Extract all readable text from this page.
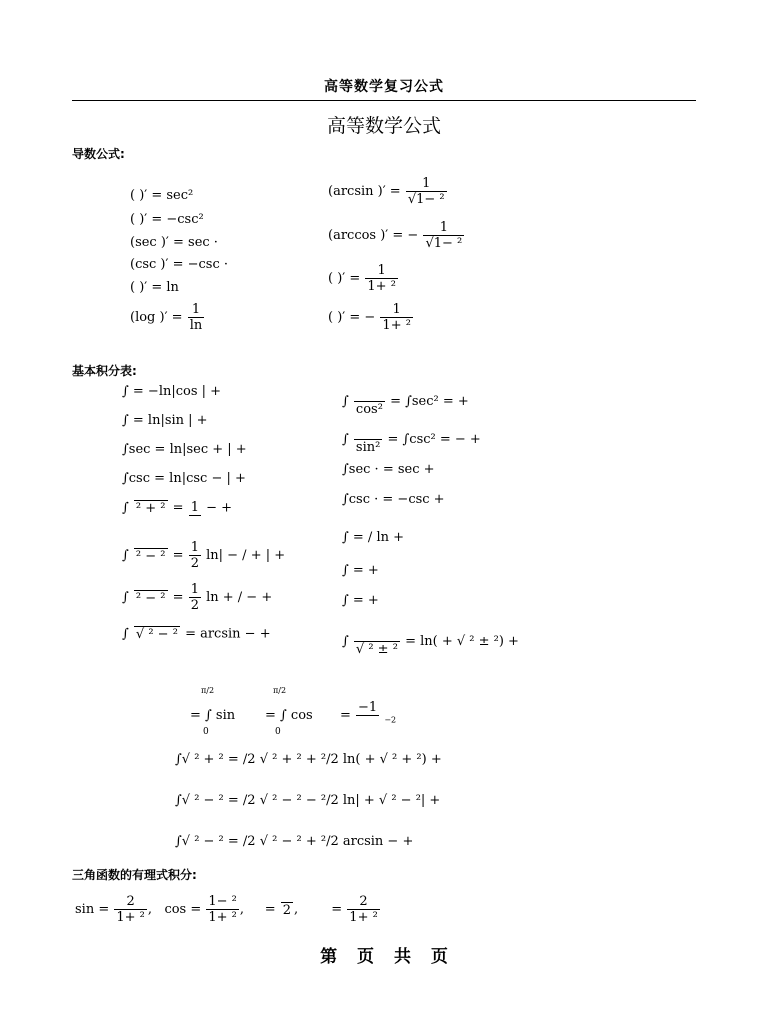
高等数学复习公式
高等数学公式
导数公式:
( )′ = sec²
( )′ = −csc²
(sec )′ = sec ·
(csc )′ = −csc ·
( )′ = ln
(log )′ = $\frac{1}{\ln}$
(arcsin )′ = $\frac{1}{\text{√1− ²}}$
(arccos )′ = − $\frac{1}{\text{√1− ²}}$
( )′ = $\frac{1}{\text{1+ ²}}$
( )′ = − $\frac{1}{\text{1+ ²}}$
基本积分表:
∫ = −ln|cos | +
∫ = ln|sin | +
∫sec = ln|sec + | +
∫csc = ln|csc − | +
∫ ² + ² = 1 − +
∫ $^2 - ^2 = \frac{1}{2} \ln|$ − / + | +
∫ $^2 - ^2 = \frac{1}{2}$ ln + / − +
∫ √ ² − ² = arcsin − +
∫

cos²
= ∫sec² = +
∫

sin²
= ∫csc² = − +
∫sec · = sec +
∫csc · = −csc +
∫ = / ln +
∫ = +
∫ = +
∫

√ ² ± ²
= ln( + √ ² ± ²) +
π/2	π/2
= ∫ sin = ∫ cos
0	0
=
−1

$_{-2}$
∫√ ² + ² = /2 √ ² + ² + ²/2 ln( + √ ² + ²) +
∫√ ² − ² = /2 √ ² − ² − ²/2 ln| + √ ² − ²| +
∫√ ² − ² = /2 √ ² − ² + ²/2 arcsin − +
三角函数的有理式积分:
$\sin = \frac{2}{\text{1+ ²}}$ , $\cos = \frac{\text{1− ²}}{\text{1+ ²}}$ ,     = 2 ,	= $\frac{2}{\text{1+ ²}}$
第 页 共 页
